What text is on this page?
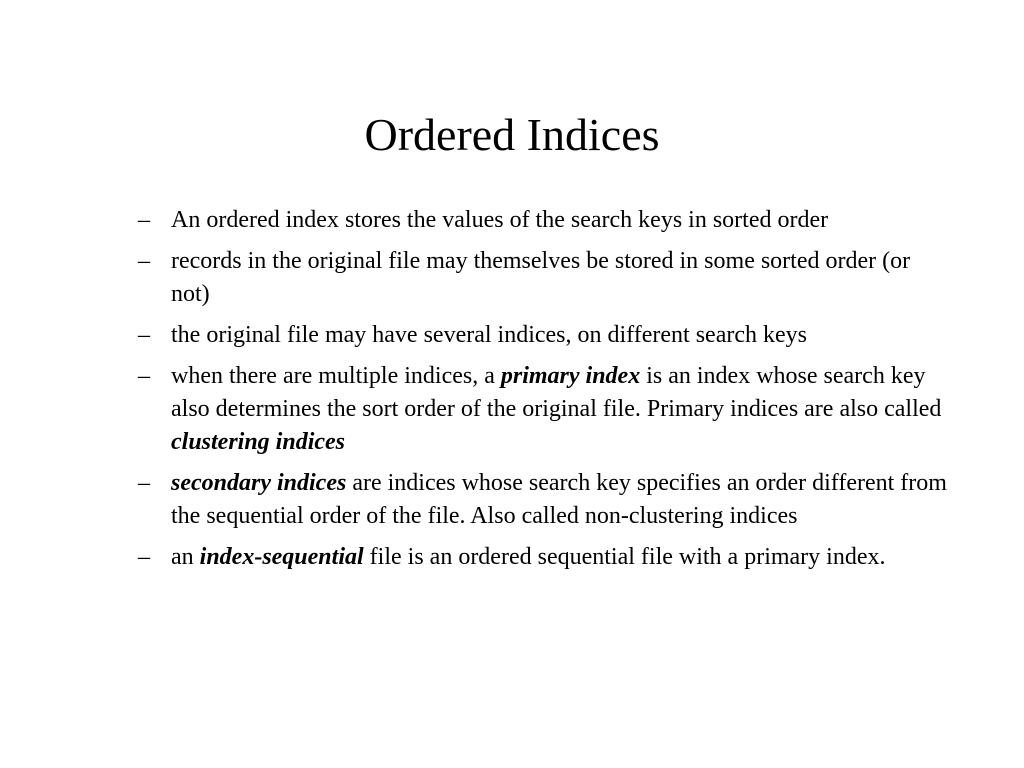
Ordered Indices
– An ordered index stores the values of the search keys in sorted order
– records in the original file may themselves be stored in some sorted order (or not)
– the original file may have several indices, on different search keys
– when there are multiple indices, a primary index is an index whose search key also determines the sort order of the original file. Primary indices are also called clustering indices
– secondary indices are indices whose search key specifies an order different from the sequential order of the file. Also called non-clustering indices
– an index-sequential file is an ordered sequential file with a primary index.
